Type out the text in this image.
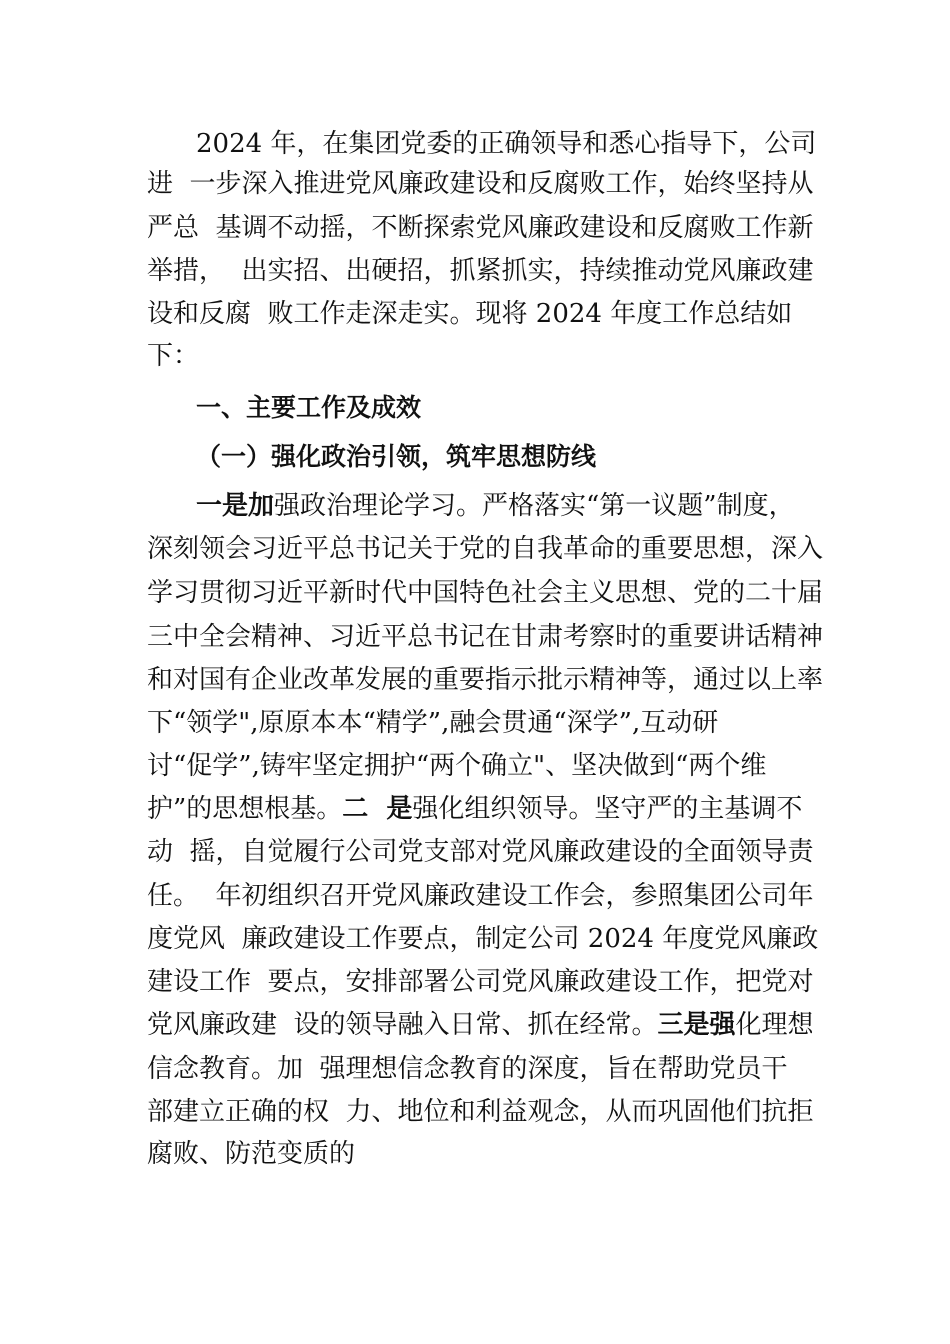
2024 年，在集团党委的正确领导和悉心指导下，公司
进  一步深入推进党风廉政建设和反腐败工作，始终坚持从
严总  基调不动摇，不断探索党风廉政建设和反腐败工作新
举措，  出实招、出硬招，抓紧抓实，持续推动党风廉政建
设和反腐  败工作走深走实。现将 2024 年度工作总结如
下：
一、主要工作及成效
（一）强化政治引领，筑牢思想防线
一是加强政治理论学习。严格落实“第一议题”制度，
深刻领会习近平总书记关于党的自我革命的重要思想，深入
学习贯彻习近平新时代中国特色社会主义思想、党的二十届
三中全会精神、习近平总书记在甘肃考察时的重要讲话精神
和对国有企业改革发展的重要指示批示精神等，通过以上率
下“领学",原原本本“精学”,融会贯通“深学”,互动研
讨“促学”,铸牢坚定拥护“两个确立"、坚决做到“两个维
护”的思想根基。二  是强化组织领导。坚守严的主基调不
动  摇，自觉履行公司党支部对党风廉政建设的全面领导责
任。  年初组织召开党风廉政建设工作会，参照集团公司年
度党风  廉政建设工作要点，制定公司 2024 年度党风廉政
建设工作  要点，安排部署公司党风廉政建设工作，把党对
党风廉政建  设的领导融入日常、抓在经常。三是强化理想
信念教育。加  强理想信念教育的深度，旨在帮助党员干
部建立正确的权  力、地位和利益观念，从而巩固他们抗拒
腐败、防范变质的
